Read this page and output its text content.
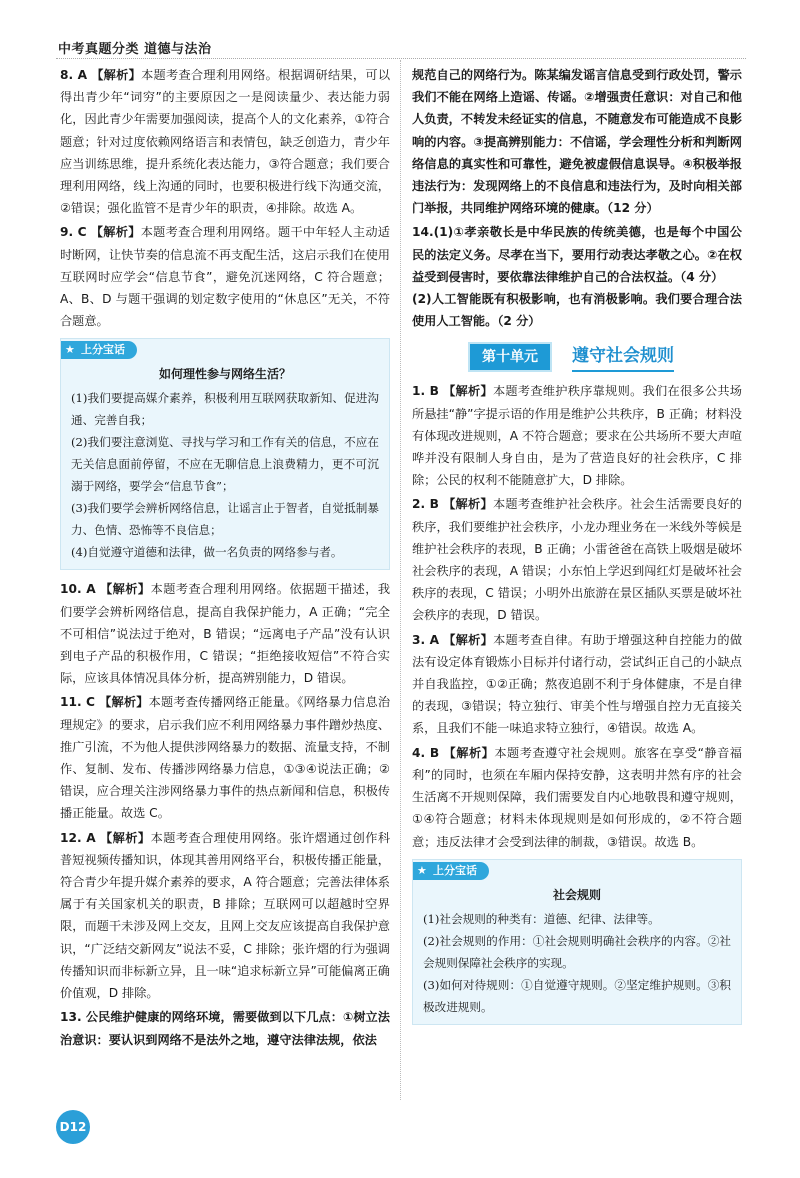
中考真题分类 道德与法治
8. A 【解析】本题考查合理利用网络。根据调研结果，可以得出青少年“词穷”的主要原因之一是阅读量少、表达能力弱化，因此青少年需要加强阅读，提高个人的文化素养，①符合题意；针对过度依赖网络语言和表情包，缺乏创造力，青少年应当训练思维，提升系统化表达能力，③符合题意；我们要合理利用网络，线上沟通的同时，也要积极进行线下沟通交流，②错误；强化监管不是青少年的职责，④排除。故选 A。
9. C 【解析】本题考查合理利用网络。题干中年轻人主动适时断网，让快节奏的信息流不再支配生活，这启示我们在使用互联网时应学会“信息节食”，避免沉迷网络，C 符合题意；A、B、D 与题干强调的划定数字使用的“休息区”无关，不符合题意。
★ 上分宝话
如何理性参与网络生活？
(1)我们要提高媒介素养，积极利用互联网获取新知、促进沟通、完善自我；
(2)我们要注意浏览、寻找与学习和工作有关的信息，不应在无关信息面前停留，不应在无聊信息上浪费精力，更不可沉溺于网络，要学会“信息节食”；
(3)我们要学会辨析网络信息，让谣言止于智者，自觉抵制暴力、色情、恐怖等不良信息；
(4)自觉遵守道德和法律，做一名负责的网络参与者。
10. A 【解析】本题考查合理利用网络。依据题干描述，我们要学会辨析网络信息，提高自我保护能力，A 正确；“完全不可相信”说法过于绝对，B 错误；“远离电子产品”没有认识到电子产品的积极作用，C 错误；“拒绝接收短信”不符合实际，应该具体情况具体分析，提高辨别能力，D 错误。
11. C 【解析】本题考查传播网络正能量。《网络暴力信息治理规定》的要求，启示我们应不利用网络暴力事件蹭炒热度、推广引流，不为他人提供涉网络暴力的数据、流量支持，不制作、复制、发布、传播涉网络暴力信息，①③④说法正确；②错误，应合理关注涉网络暴力事件的热点新闻和信息，积极传播正能量。故选 C。
12. A 【解析】本题考查合理使用网络。张许熠通过创作科普短视频传播知识，体现其善用网络平台，积极传播正能量，符合青少年提升媒介素养的要求，A 符合题意；完善法律体系属于有关国家机关的职责，B 排除；互联网可以超越时空界限，而题干未涉及网上交友，且网上交友应该提高自我保护意识，“广泛结交新网友”说法不妥，C 排除；张许熠的行为强调传播知识而非标新立异，且一味“追求标新立异”可能偏离正确价值观，D 排除。
13. 公民维护健康的网络环境，需要做到以下几点：①树立法治意识：要认识到网络不是法外之地，遵守法律法规，依法
规范自己的网络行为。陈某编发谣言信息受到行政处罚，警示我们不能在网络上造谣、传谣。②增强责任意识：对自己和他人负责，不转发未经证实的信息，不随意发布可能造成不良影响的内容。③提高辨别能力：不信谣，学会理性分析和判断网络信息的真实性和可靠性，避免被虚假信息误导。④积极举报违法行为：发现网络上的不良信息和违法行为，及时向相关部门举报，共同维护网络环境的健康。（12 分）
14.(1)①孝亲敬长是中华民族的传统美德，也是每个中国公民的法定义务。尽孝在当下，要用行动表达孝敬之心。②在权益受到侵害时，要依靠法律维护自己的合法权益。（4 分）
(2)人工智能既有积极影响，也有消极影响。我们要合理合法使用人工智能。（2 分）
第十单元	遵守社会规则
1. B 【解析】本题考查维护秩序靠规则。我们在很多公共场所悬挂“静”字提示语的作用是维护公共秩序，B 正确；材料没有体现改进规则，A 不符合题意；要求在公共场所不要大声喧哗并没有限制人身自由，是为了营造良好的社会秩序，C 排除；公民的权利不能随意扩大，D 排除。
2. B 【解析】本题考查维护社会秩序。社会生活需要良好的秩序，我们要维护社会秩序，小龙办理业务在一米线外等候是维护社会秩序的表现，B 正确；小雷爸爸在高铁上吸烟是破坏社会秩序的表现，A 错误；小东怕上学迟到闯红灯是破坏社会秩序的表现，C 错误；小明外出旅游在景区插队买票是破坏社会秩序的表现，D 错误。
3. A 【解析】本题考查自律。有助于增强这种自控能力的做法有设定体育锻炼小目标并付诸行动，尝试纠正自己的小缺点并自我监控，①②正确；熬夜追剧不利于身体健康，不是自律的表现，③错误；特立独行、审美个性与增强自控力无直接关系，且我们不能一味追求特立独行，④错误。故选 A。
4. B 【解析】本题考查遵守社会规则。旅客在享受“静音福利”的同时，也须在车厢内保持安静，这表明井然有序的社会生活离不开规则保障，我们需要发自内心地敬畏和遵守规则，①④符合题意；材料未体现规则是如何形成的，②不符合题意；违反法律才会受到法律的制裁，③错误。故选 B。
★ 上分宝话
社会规则
(1)社会规则的种类有：道德、纪律、法律等。
(2)社会规则的作用：①社会规则明确社会秩序的内容。②社会规则保障社会秩序的实现。
(3)如何对待规则：①自觉遵守规则。②坚定维护规则。③积极改进规则。
D12
